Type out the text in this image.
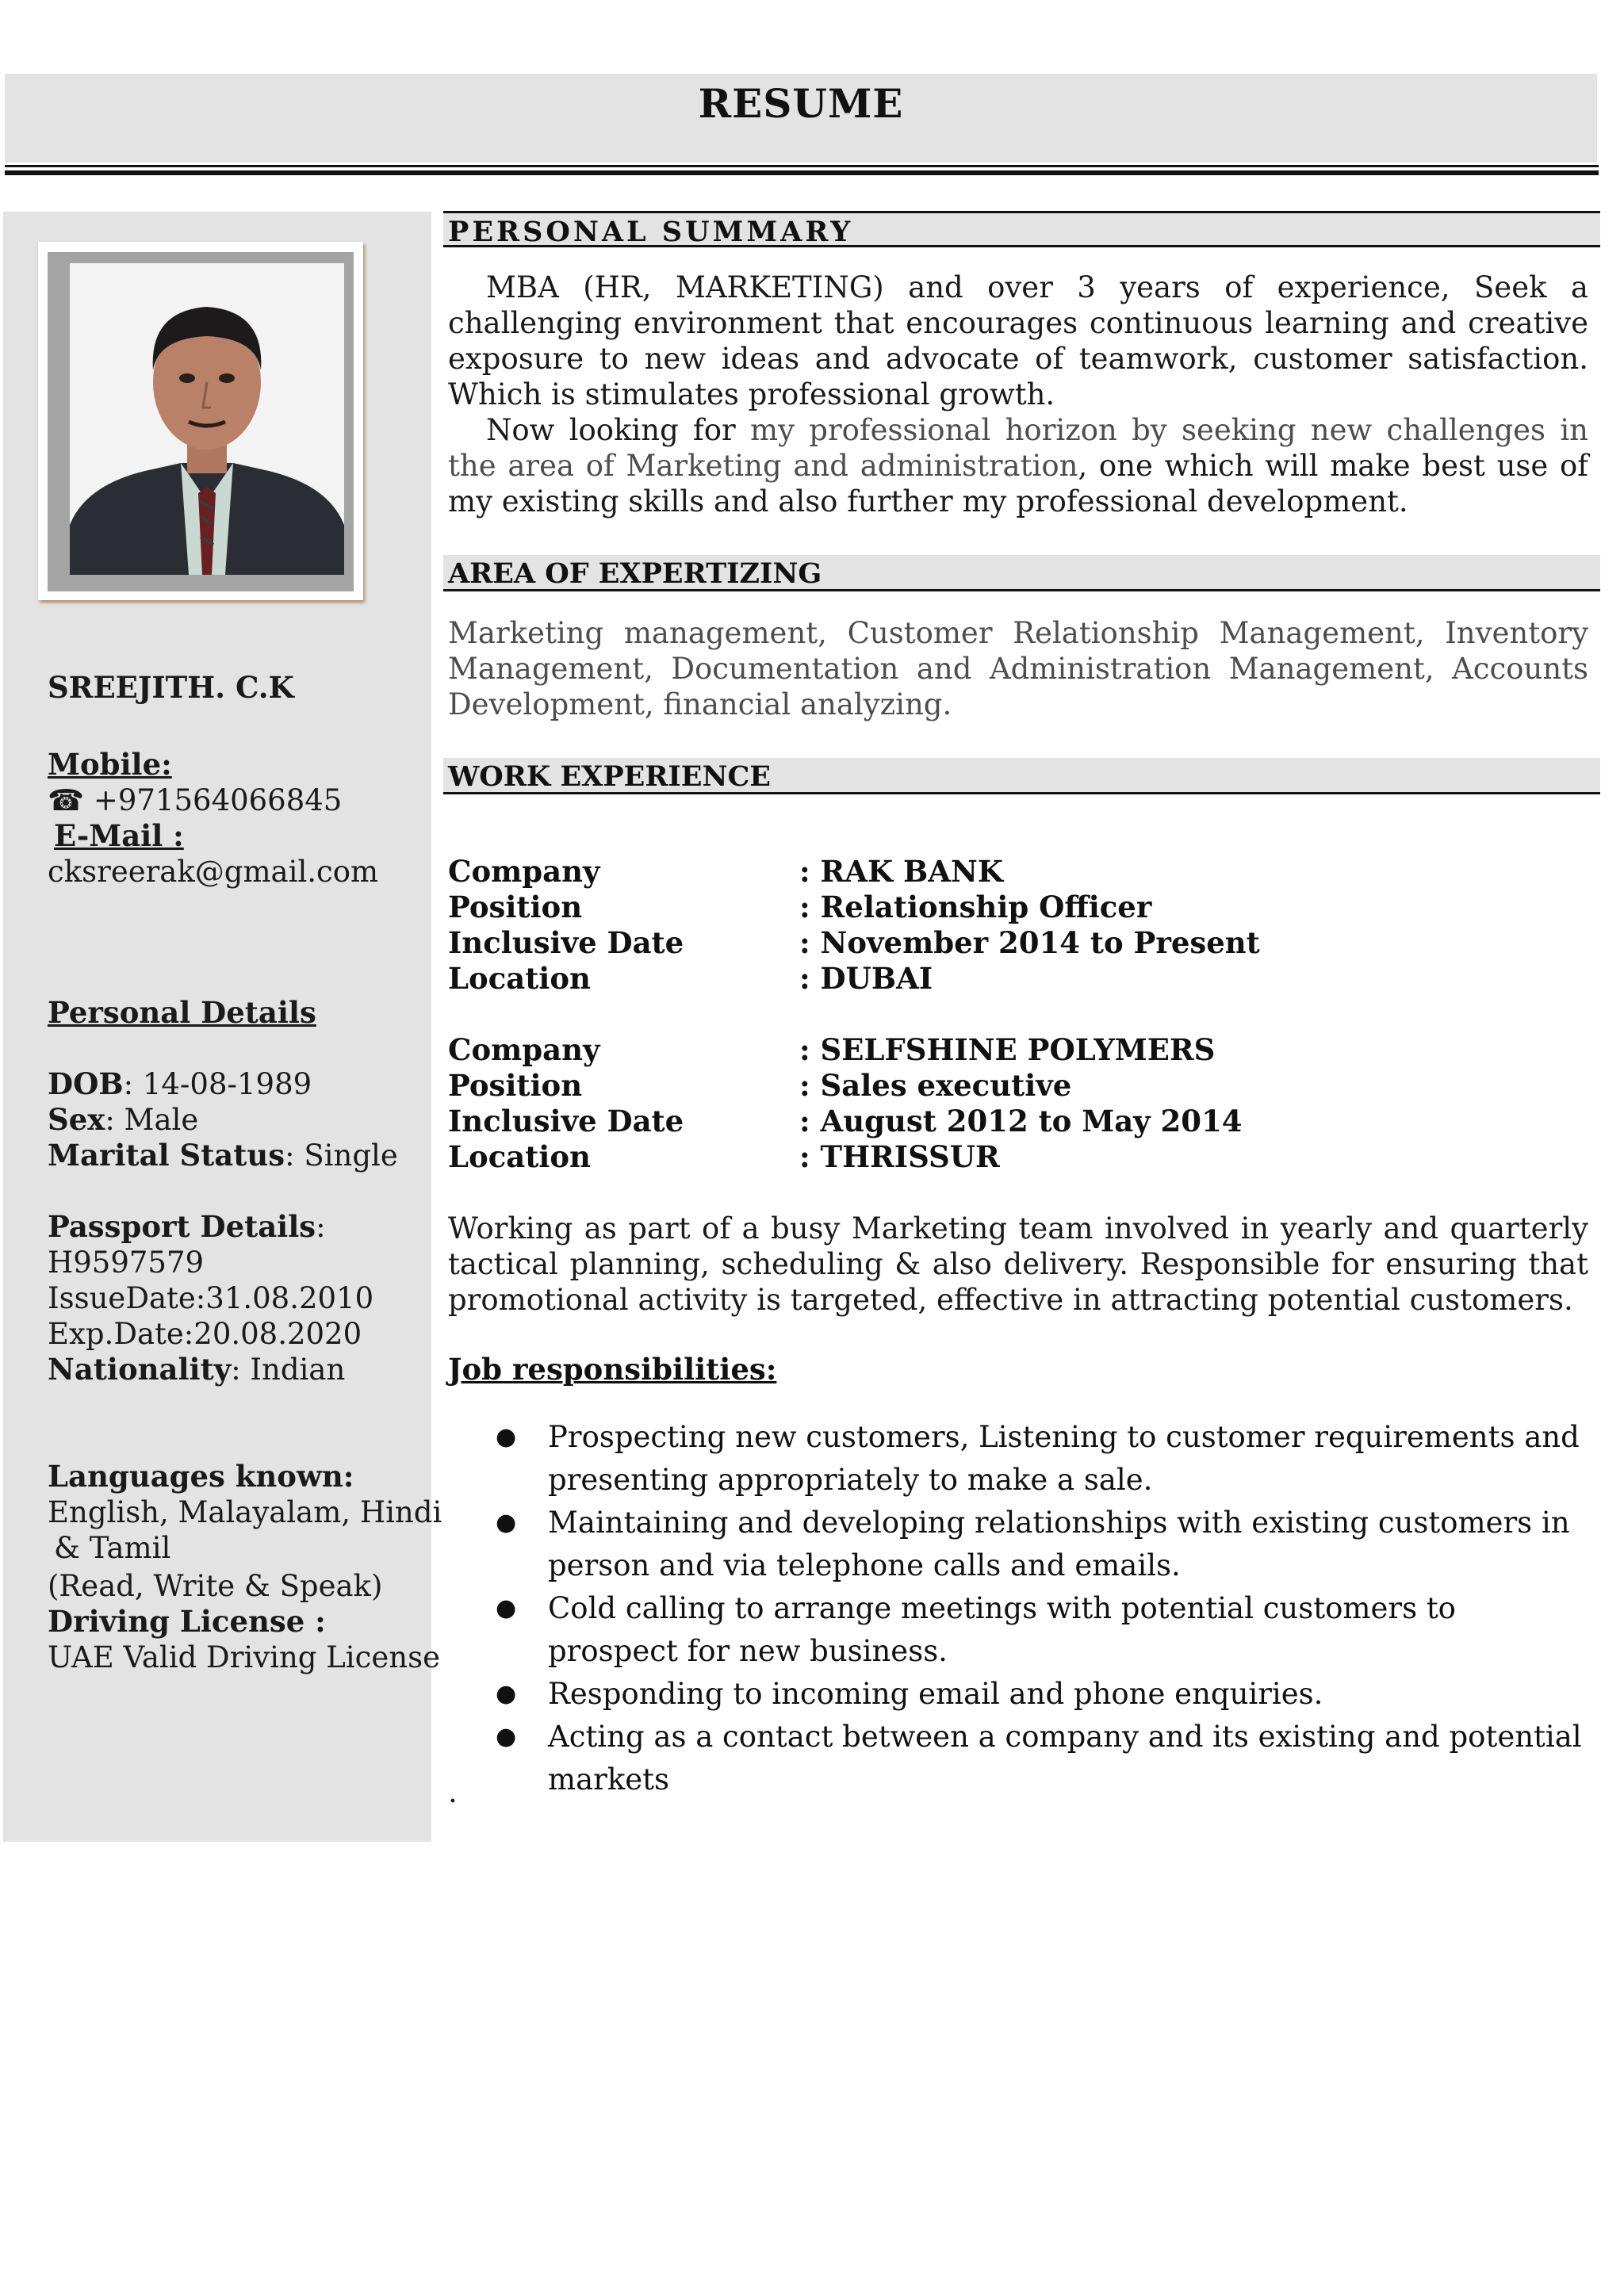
RESUME
SREEJITH. C.K
Mobile:
☎ +971564066845
E-Mail :
cksreerak@gmail.com
Personal Details
DOB: 14-08-1989
Sex: Male
Marital Status: Single
Passport Details:
H9597579
IssueDate:31.08.2010
Exp.Date:20.08.2020
Nationality: Indian
Languages known:
English, Malayalam, Hindi
& Tamil
(Read, Write & Speak)
Driving License :
UAE Valid Driving License
PERSONAL SUMMARY
MBA (HR, MARKETING) and over 3 years of experience, Seek a challenging environment that encourages continuous learning and creative exposure to new ideas and advocate of teamwork, customer satisfaction. Which is stimulates professional growth.
Now looking for my professional horizon by seeking new challenges in the area of Marketing and administration, one which will make best use of my existing skills and also further my professional development.
AREA OF EXPERTIZING
Marketing management, Customer Relationship Management, Inventory Management, Documentation and Administration Management, Accounts Development, financial analyzing.
WORK EXPERIENCE
Company	: RAK BANK
Position	: Relationship Officer
Inclusive Date	: November 2014 to Present
Location	: DUBAI
Company	: SELFSHINE POLYMERS
Position	: Sales executive
Inclusive Date	: August 2012 to May 2014
Location	: THRISSUR
Working as part of a busy Marketing team involved in yearly and quarterly tactical planning, scheduling & also delivery. Responsible for ensuring that promotional activity is targeted, effective in attracting potential customers.
Job responsibilities:
● Prospecting new customers, Listening to customer requirements and presenting appropriately to make a sale.
● Maintaining and developing relationships with existing customers in person and via telephone calls and emails.
● Cold calling to arrange meetings with potential customers to prospect for new business.
● Responding to incoming email and phone enquiries.
● Acting as a contact between a company and its existing and potential markets
.
